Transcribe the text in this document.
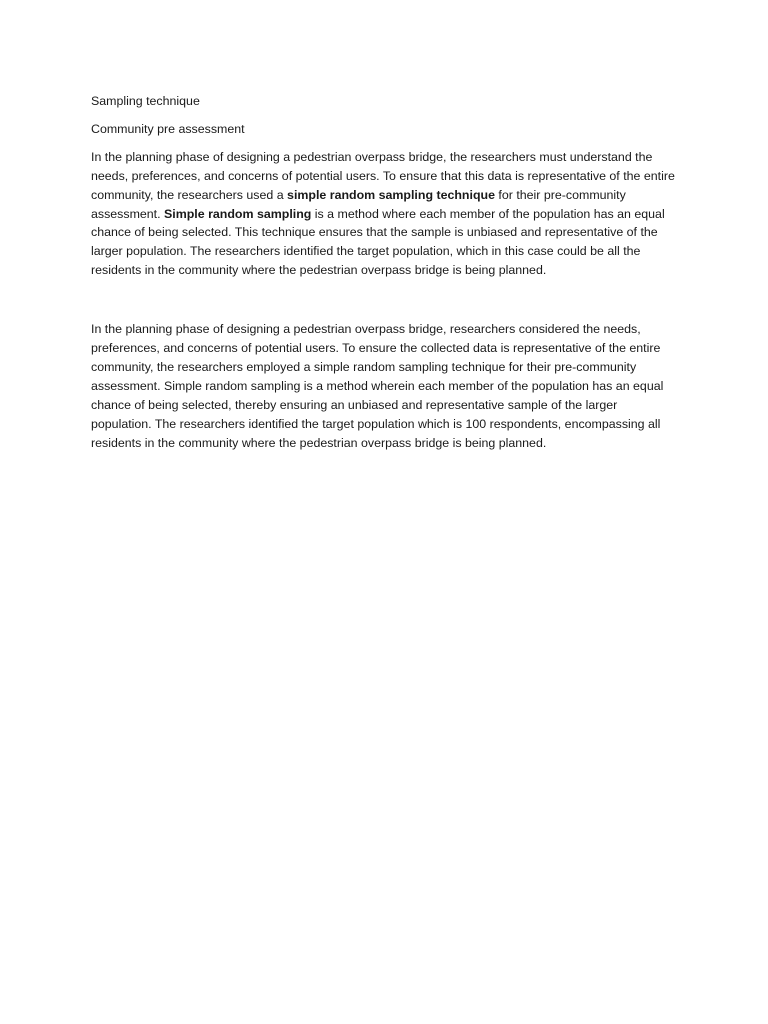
Sampling technique

Community pre assessment

In the planning phase of designing a pedestrian overpass bridge, the researchers must understand the needs, preferences, and concerns of potential users. To ensure that this data is representative of the entire community, the researchers used a simple random sampling technique for their pre-community assessment. Simple random sampling is a method where each member of the population has an equal chance of being selected. This technique ensures that the sample is unbiased and representative of the larger population. The researchers identified the target population, which in this case could be all the residents in the community where the pedestrian overpass bridge is being planned.

In the planning phase of designing a pedestrian overpass bridge, researchers considered the needs, preferences, and concerns of potential users. To ensure the collected data is representative of the entire community, the researchers employed a simple random sampling technique for their pre-community assessment. Simple random sampling is a method wherein each member of the population has an equal chance of being selected, thereby ensuring an unbiased and representative sample of the larger population. The researchers identified the target population which is 100 respondents, encompassing all residents in the community where the pedestrian overpass bridge is being planned.
